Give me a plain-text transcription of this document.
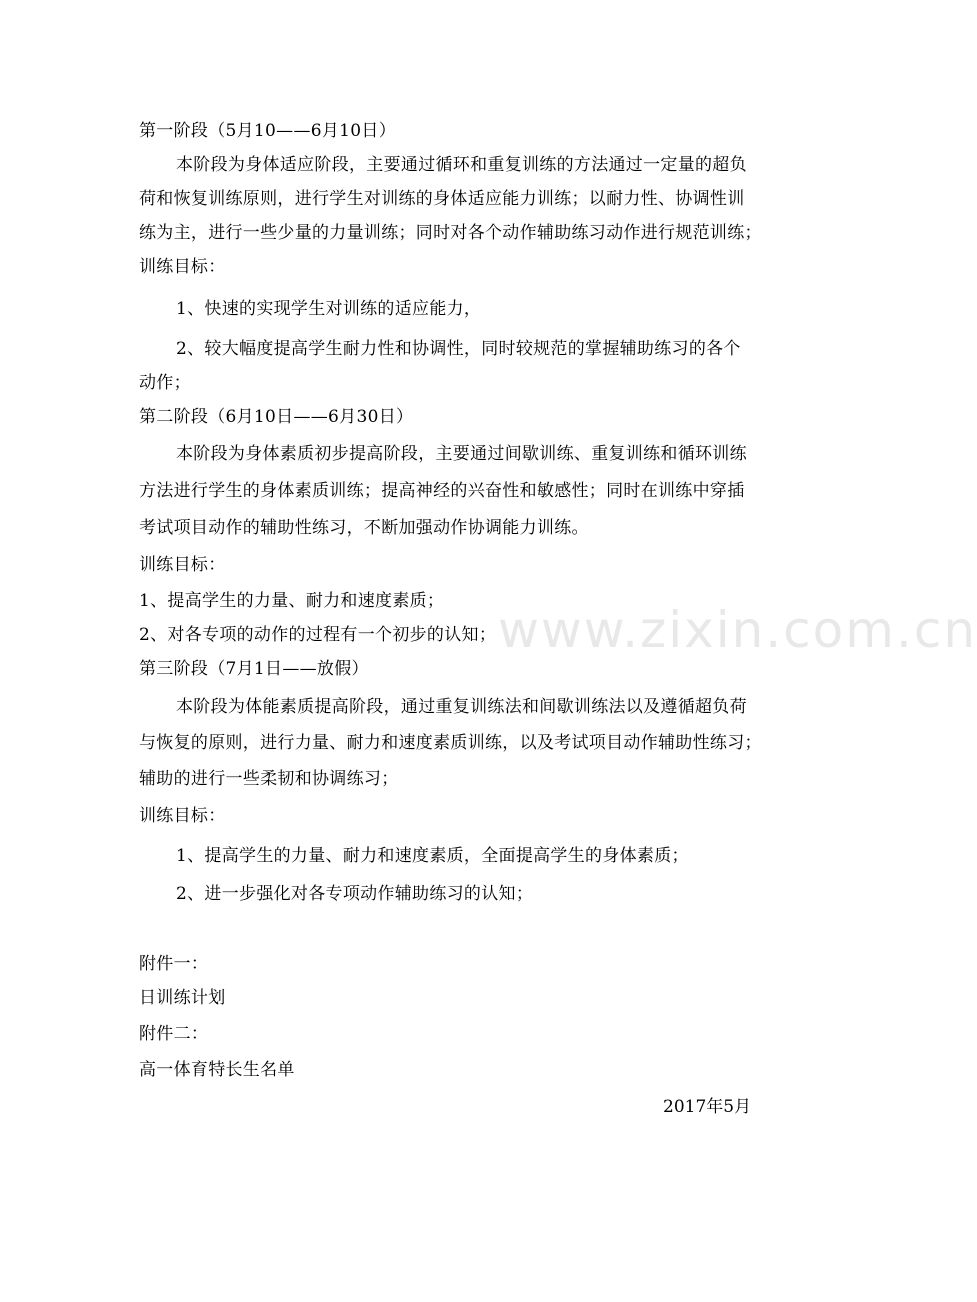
www.zixin.com.cn
第一阶段（5月10——6月10日）
本阶段为身体适应阶段，主要通过循环和重复训练的方法通过一定量的超负
荷和恢复训练原则，进行学生对训练的身体适应能力训练；以耐力性、协调性训
练为主，进行一些少量的力量训练；同时对各个动作辅助练习动作进行规范训练；
训练目标：
1、快速的实现学生对训练的适应能力，
2、较大幅度提高学生耐力性和协调性，同时较规范的掌握辅助练习的各个
动作；
第二阶段（6月10日——6月30日）
本阶段为身体素质初步提高阶段，主要通过间歇训练、重复训练和循环训练
方法进行学生的身体素质训练；提高神经的兴奋性和敏感性；同时在训练中穿插
考试项目动作的辅助性练习，不断加强动作协调能力训练。
训练目标：
1、提高学生的力量、耐力和速度素质；
2、对各专项的动作的过程有一个初步的认知；
第三阶段（7月1日——放假）
本阶段为体能素质提高阶段，通过重复训练法和间歇训练法以及遵循超负荷
与恢复的原则，进行力量、耐力和速度素质训练，以及考试项目动作辅助性练习；
辅助的进行一些柔韧和协调练习；
训练目标：
1、提高学生的力量、耐力和速度素质，全面提高学生的身体素质；
2、进一步强化对各专项动作辅助练习的认知；
附件一：
日训练计划
附件二：
高一体育特长生名单
2017年5月
